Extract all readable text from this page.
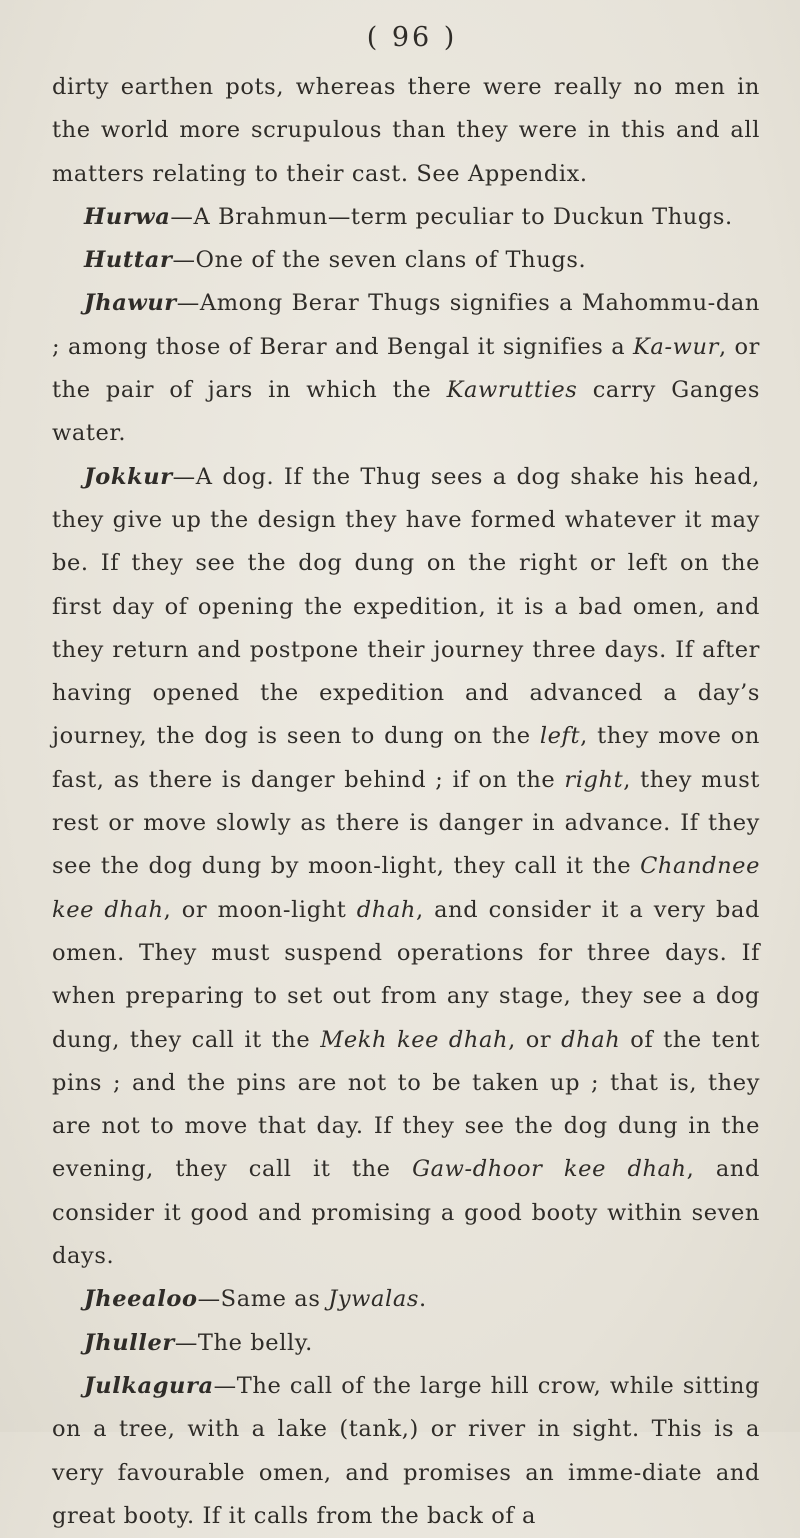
( 96 )

dirty earthen pots, whereas there were really no men in the world more scrupulous than they were in this and all matters relating to their cast. See Appendix.

Hurwa—A Brahmun—term peculiar to Duckun Thugs.

Huttar—One of the seven clans of Thugs.

Jhawur—Among Berar Thugs signifies a Mahommu-dan ; among those of Berar and Bengal it signifies a Ka-wur, or the pair of jars in which the Kawrutties carry Ganges water.

Jokkur—A dog. If the Thug sees a dog shake his head, they give up the design they have formed whatever it may be. If they see the dog dung on the right or left on the first day of opening the expedition, it is a bad omen, and they return and postpone their journey three days. If after having opened the expedition and advanced a day’s journey, the dog is seen to dung on the left, they move on fast, as there is danger behind ; if on the right, they must rest or move slowly as there is danger in advance. If they see the dog dung by moon-light, they call it the Chandnee kee dhah, or moon-light dhah, and consider it a very bad omen. They must suspend operations for three days. If when preparing to set out from any stage, they see a dog dung, they call it the Mekh kee dhah, or dhah of the tent pins ; and the pins are not to be taken up ; that is, they are not to move that day. If they see the dog dung in the evening, they call it the Gaw-dhoor kee dhah, and consider it good and promising a good booty within seven days.

Jheealoo—Same as Jywalas.

Jhuller—The belly.

Julkagura—The call of the large hill crow, while sitting on a tree, with a lake (tank,) or river in sight. This is a very favourable omen, and promises an imme-diate and great booty. If it calls from the back of a
